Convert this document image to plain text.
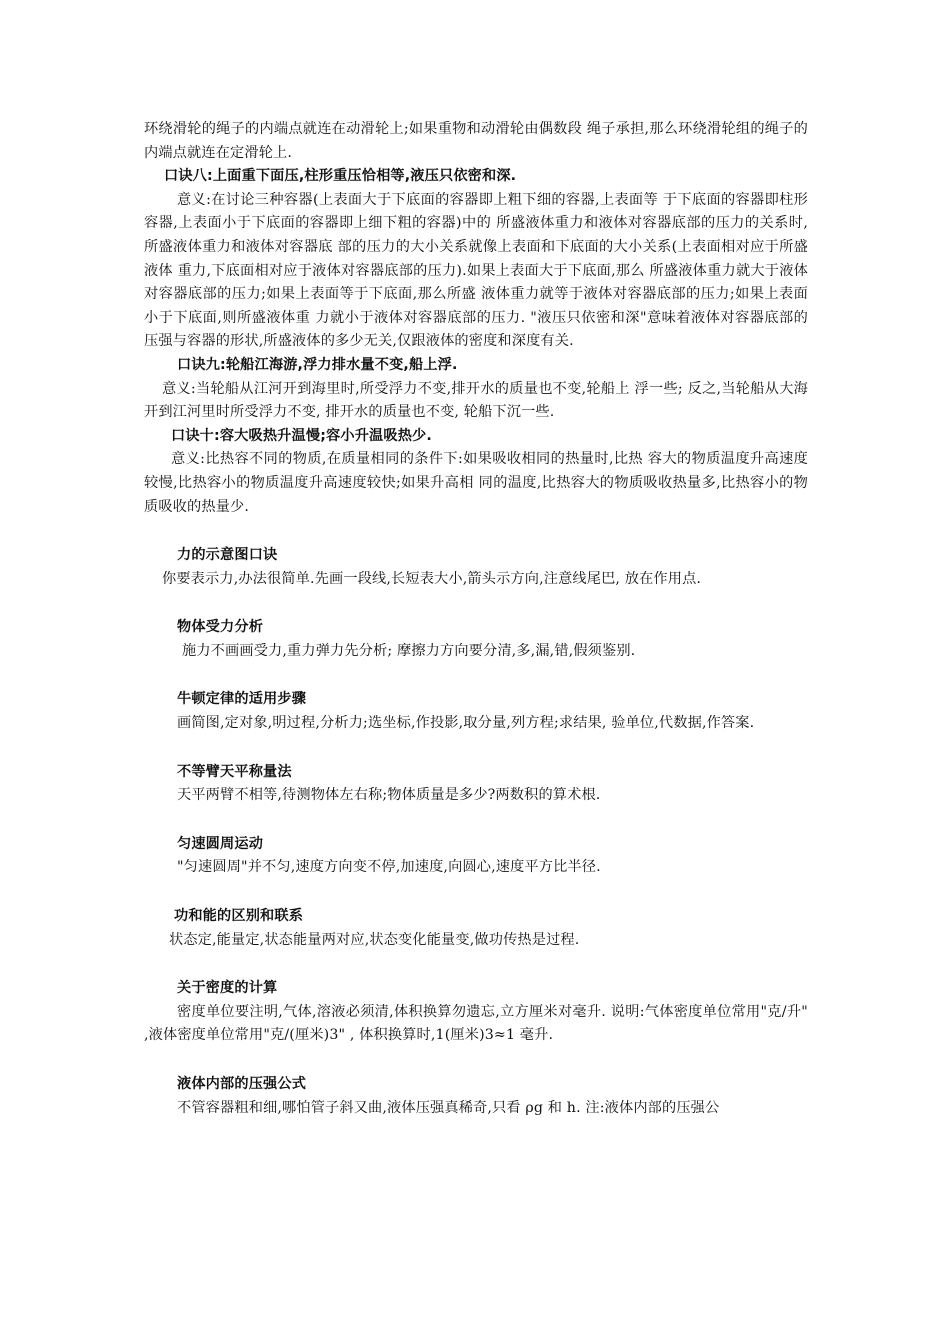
环绕滑轮的绳子的内端点就连在动滑轮上;如果重物和动滑轮由偶数段 绳子承担,那么环绕滑轮组的绳子的内端点就连在定滑轮上.

口诀八:上面重下面压,柱形重压恰相等,液压只依密和深.

意义:在讨论三种容器(上表面大于下底面的容器即上粗下细的容器,上表面等 于下底面的容器即柱形容器,上表面小于下底面的容器即上细下粗的容器)中的 所盛液体重力和液体对容器底部的压力的关系时, 所盛液体重力和液体对容器底 部的压力的大小关系就像上表面和下底面的大小关系(上表面相对应于所盛液体 重力,下底面相对应于液体对容器底部的压力).如果上表面大于下底面,那么 所盛液体重力就大于液体对容器底部的压力;如果上表面等于下底面,那么所盛 液体重力就等于液体对容器底部的压力;如果上表面小于下底面,则所盛液体重 力就小于液体对容器底部的压力. "液压只依密和深"意味着液体对容器底部的 压强与容器的形状,所盛液体的多少无关,仅跟液体的密度和深度有关.

口诀九:轮船江海游,浮力排水量不变,船上浮.

意义:当轮船从江河开到海里时,所受浮力不变,排开水的质量也不变,轮船上 浮一些; 反之,当轮船从大海开到江河里时所受浮力不变, 排开水的质量也不变, 轮船下沉一些.

口诀十:容大吸热升温慢;容小升温吸热少.

意义:比热容不同的物质,在质量相同的条件下:如果吸收相同的热量时,比热 容大的物质温度升高速度较慢,比热容小的物质温度升高速度较快;如果升高相 同的温度,比热容大的物质吸收热量多,比热容小的物质吸收的热量少.

力的示意图口诀

你要表示力,办法很简单.先画一段线,长短表大小,箭头示方向,注意线尾巴, 放在作用点.

物体受力分析

施力不画画受力,重力弹力先分析; 摩擦力方向要分清,多,漏,错,假须鉴别.

牛顿定律的适用步骤

画简图,定对象,明过程,分析力;选坐标,作投影,取分量,列方程;求结果, 验单位,代数据,作答案.

不等臂天平称量法

天平两臂不相等,待测物体左右称;物体质量是多少?两数积的算术根.

匀速圆周运动

"匀速圆周"并不匀,速度方向变不停,加速度,向圆心,速度平方比半径.

功和能的区别和联系

状态定,能量定,状态能量两对应,状态变化能量变,做功传热是过程.

关于密度的计算

密度单位要注明,气体,溶液必须清,体积换算勿遗忘,立方厘米对毫升. 说明:气体密度单位常用"克/升" ,液体密度单位常用"克/(厘米)3" , 体积换算时,1(厘米)3≈1 毫升.

液体内部的压强公式

不管容器粗和细,哪怕管子斜又曲,液体压强真稀奇,只看 ρg 和 h. 注:液体内部的压强公
